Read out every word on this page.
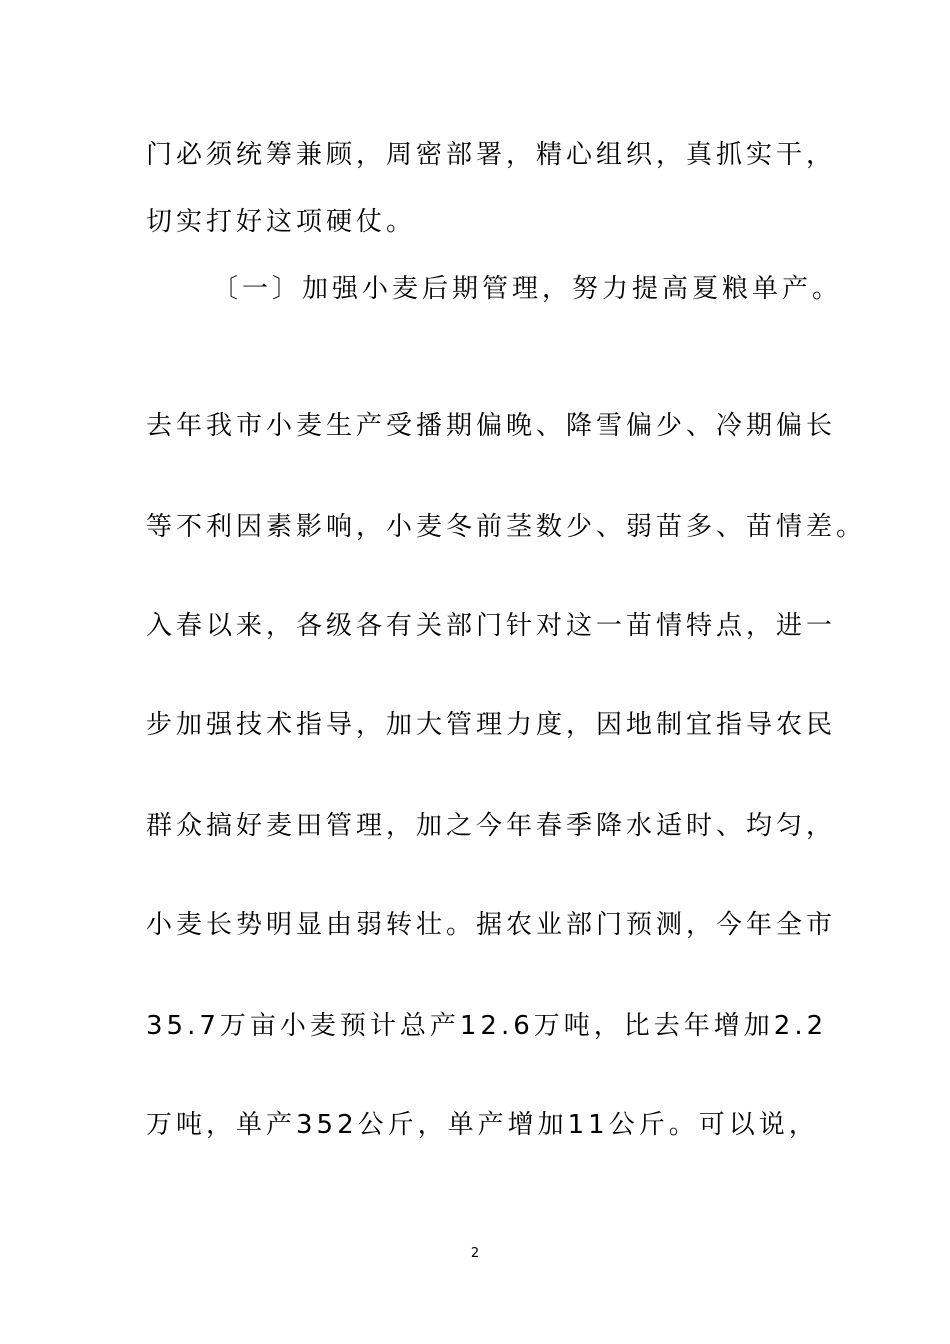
门必须统筹兼顾，周密部署，精心组织，真抓实干，
切实打好这项硬仗。
〔一〕加强小麦后期管理，努力提高夏粮单产。
去年我市小麦生产受播期偏晚、降雪偏少、冷期偏长
等不利因素影响，小麦冬前茎数少、弱苗多、苗情差。
入春以来，各级各有关部门针对这一苗情特点，进一
步加强技术指导，加大管理力度，因地制宜指导农民
群众搞好麦田管理，加之今年春季降水适时、均匀，
小麦长势明显由弱转壮。据农业部门预测，今年全市
35.7万亩小麦预计总产12.6万吨，比去年增加2.2
万吨，单产352公斤，单产增加11公斤。可以说，
2
